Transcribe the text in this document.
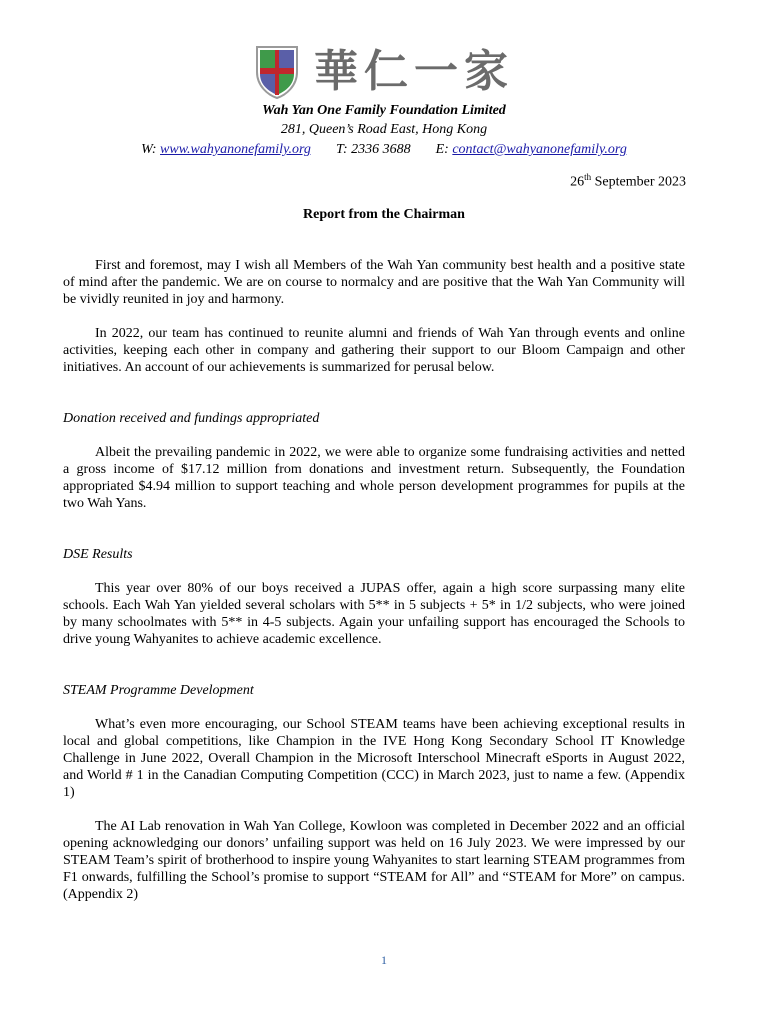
華仁一家
Wah Yan One Family Foundation Limited
281, Queen’s Road East, Hong Kong
W: www.wahyanonefamily.org T: 2336 3688 E: contact@wahyanonefamily.org
26th September 2023
Report from the Chairman

First and foremost, may I wish all Members of the Wah Yan community best health and a positive state of mind after the pandemic. We are on course to normalcy and are positive that the Wah Yan Community will be vividly reunited in joy and harmony.

In 2022, our team has continued to reunite alumni and friends of Wah Yan through events and online activities, keeping each other in company and gathering their support to our Bloom Campaign and other initiatives. An account of our achievements is summarized for perusal below.

Donation received and fundings appropriated

Albeit the prevailing pandemic in 2022, we were able to organize some fundraising activities and netted a gross income of $17.12 million from donations and investment return. Subsequently, the Foundation appropriated $4.94 million to support teaching and whole person development programmes for pupils at the two Wah Yans.

DSE Results

This year over 80% of our boys received a JUPAS offer, again a high score surpassing many elite schools. Each Wah Yan yielded several scholars with 5** in 5 subjects + 5* in 1/2 subjects, who were joined by many schoolmates with 5** in 4-5 subjects. Again your unfailing support has encouraged the Schools to drive young Wahyanites to achieve academic excellence.

STEAM Programme Development

What’s even more encouraging, our School STEAM teams have been achieving exceptional results in local and global competitions, like Champion in the IVE Hong Kong Secondary School IT Knowledge Challenge in June 2022, Overall Champion in the Microsoft Interschool Minecraft eSports in August 2022, and World # 1 in the Canadian Computing Competition (CCC) in March 2023, just to name a few. (Appendix 1)

The AI Lab renovation in Wah Yan College, Kowloon was completed in December 2022 and an official opening acknowledging our donors’ unfailing support was held on 16 July 2023. We were impressed by our STEAM Team’s spirit of brotherhood to inspire young Wahyanites to start learning STEAM programmes from F1 onwards, fulfilling the School’s promise to support “STEAM for All” and “STEAM for More” on campus. (Appendix 2)

1
